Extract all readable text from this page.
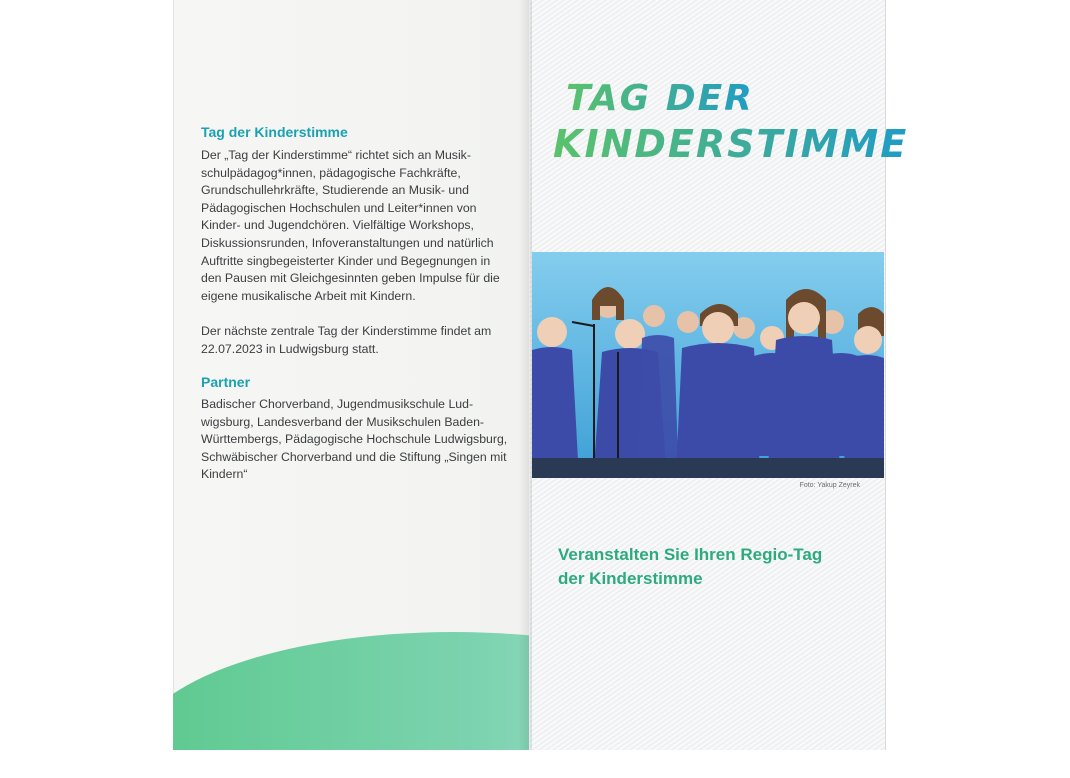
Tag der Kinderstimme

Der „Tag der Kinderstimme“ richtet sich an Musikschulpädagog*innen, pädagogische Fachkräfte, Grundschullehrkräfte, Studierende an Musik- und Pädagogischen Hochschulen und Leiter*innen von Kinder- und Jugendchören. Vielfältige Workshops, Diskussionsrunden, Infoveranstaltungen und natürlich Auftritte singbegeisterter Kinder und Begegnungen in den Pausen mit Gleichgesinnten geben Impulse für die eigene musikalische Arbeit mit Kindern.

Der nächste zentrale Tag der Kinderstimme findet am 22.07.2023 in Ludwigsburg statt.

Partner

Badischer Chorverband, Jugendmusikschule Ludwigsburg, Landesverband der Musikschulen Baden-Württembergs, Pädagogische Hochschule Ludwigsburg, Schwäbischer Chorverband und die Stiftung „Singen mit Kindern“

TAG DER
KINDERSTIMME

Foto: Yakup Zeyrek

Veranstalten Sie Ihren Regio-Tag
der Kinderstimme
